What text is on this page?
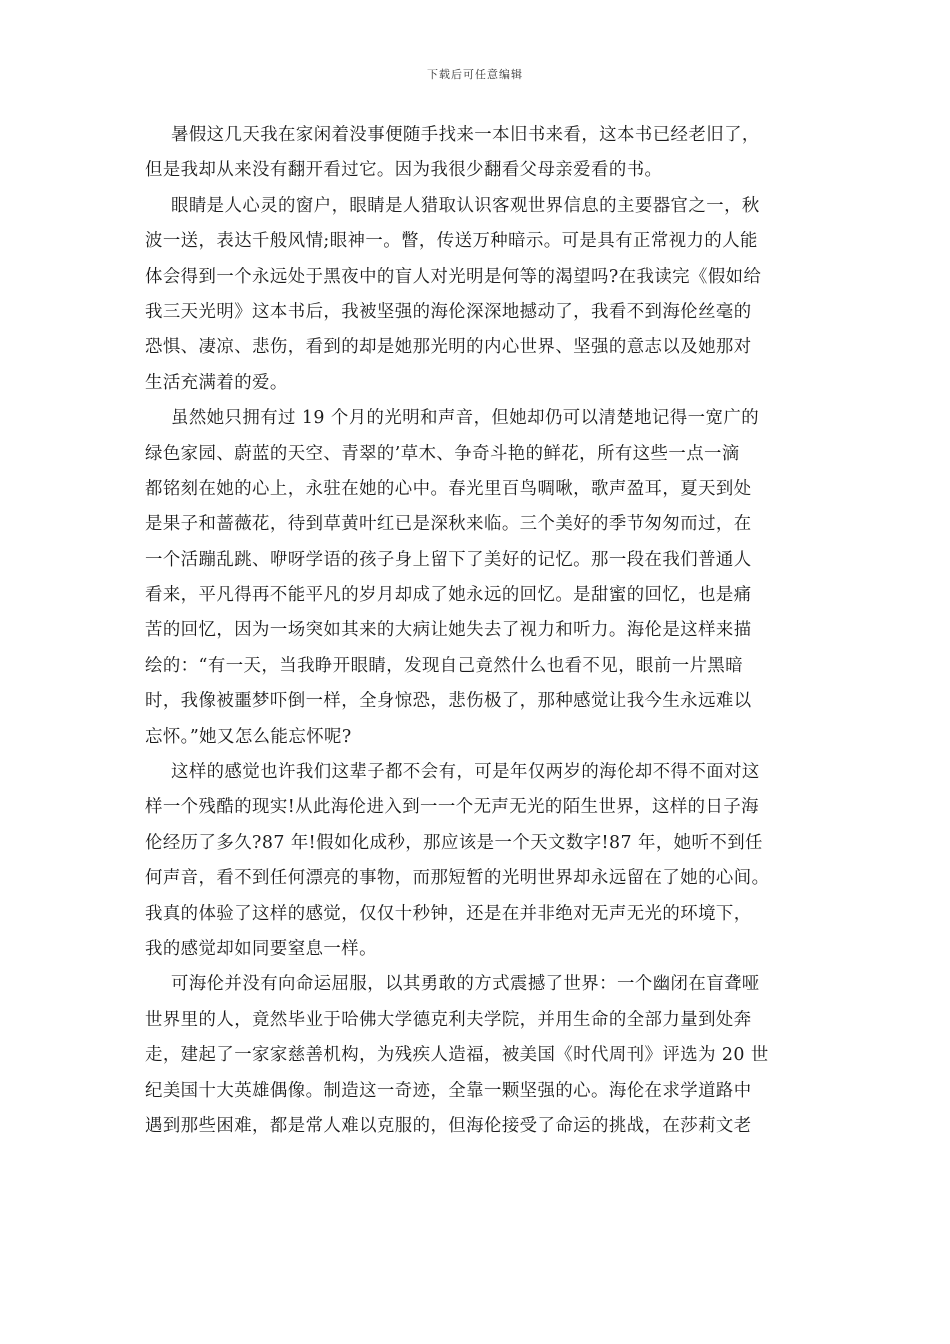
下载后可任意编辑
暑假这几天我在家闲着没事便随手找来一本旧书来看，这本书已经老旧了，
但是我却从来没有翻开看过它。因为我很少翻看父母亲爱看的书。
眼睛是人心灵的窗户，眼睛是人猎取认识客观世界信息的主要器官之一，秋
波一送，表达千般风情;眼神一。瞥，传送万种暗示。可是具有正常视力的人能
体会得到一个永远处于黑夜中的盲人对光明是何等的渴望吗?在我读完《假如给
我三天光明》这本书后，我被坚强的海伦深深地撼动了，我看不到海伦丝毫的
恐惧、凄凉、悲伤，看到的却是她那光明的内心世界、坚强的意志以及她那对
生活充满着的爱。
虽然她只拥有过 19 个月的光明和声音，但她却仍可以清楚地记得一宽广的
绿色家园、蔚蓝的天空、青翠的’草木、争奇斗艳的鲜花，所有这些一点一滴
都铭刻在她的心上，永驻在她的心中。春光里百鸟啁啾，歌声盈耳，夏天到处
是果子和蔷薇花，待到草黄叶红已是深秋来临。三个美好的季节匆匆而过，在
一个活蹦乱跳、咿呀学语的孩子身上留下了美好的记忆。那一段在我们普通人
看来，平凡得再不能平凡的岁月却成了她永远的回忆。是甜蜜的回忆，也是痛
苦的回忆，因为一场突如其来的大病让她失去了视力和听力。海伦是这样来描
绘的：“有一天，当我睁开眼睛，发现自己竟然什么也看不见，眼前一片黑暗
时，我像被噩梦吓倒一样，全身惊恐，悲伤极了，那种感觉让我今生永远难以
忘怀。”她又怎么能忘怀呢?
这样的感觉也许我们这辈子都不会有，可是年仅两岁的海伦却不得不面对这
样一个残酷的现实!从此海伦进入到一一个无声无光的陌生世界，这样的日子海
伦经历了多久?87 年!假如化成秒，那应该是一个天文数字!87 年，她听不到任
何声音，看不到任何漂亮的事物，而那短暂的光明世界却永远留在了她的心间。
我真的体验了这样的感觉，仅仅十秒钟，还是在并非绝对无声无光的环境下，
我的感觉却如同要窒息一样。
可海伦并没有向命运屈服，以其勇敢的方式震撼了世界：一个幽闭在盲聋哑
世界里的人，竟然毕业于哈佛大学德克利夫学院，并用生命的全部力量到处奔
走，建起了一家家慈善机构，为残疾人造福，被美国《时代周刊》评选为 20 世
纪美国十大英雄偶像。制造这一奇迹，全靠一颗坚强的心。海伦在求学道路中
遇到那些困难，都是常人难以克服的，但海伦接受了命运的挑战，在莎莉文老
